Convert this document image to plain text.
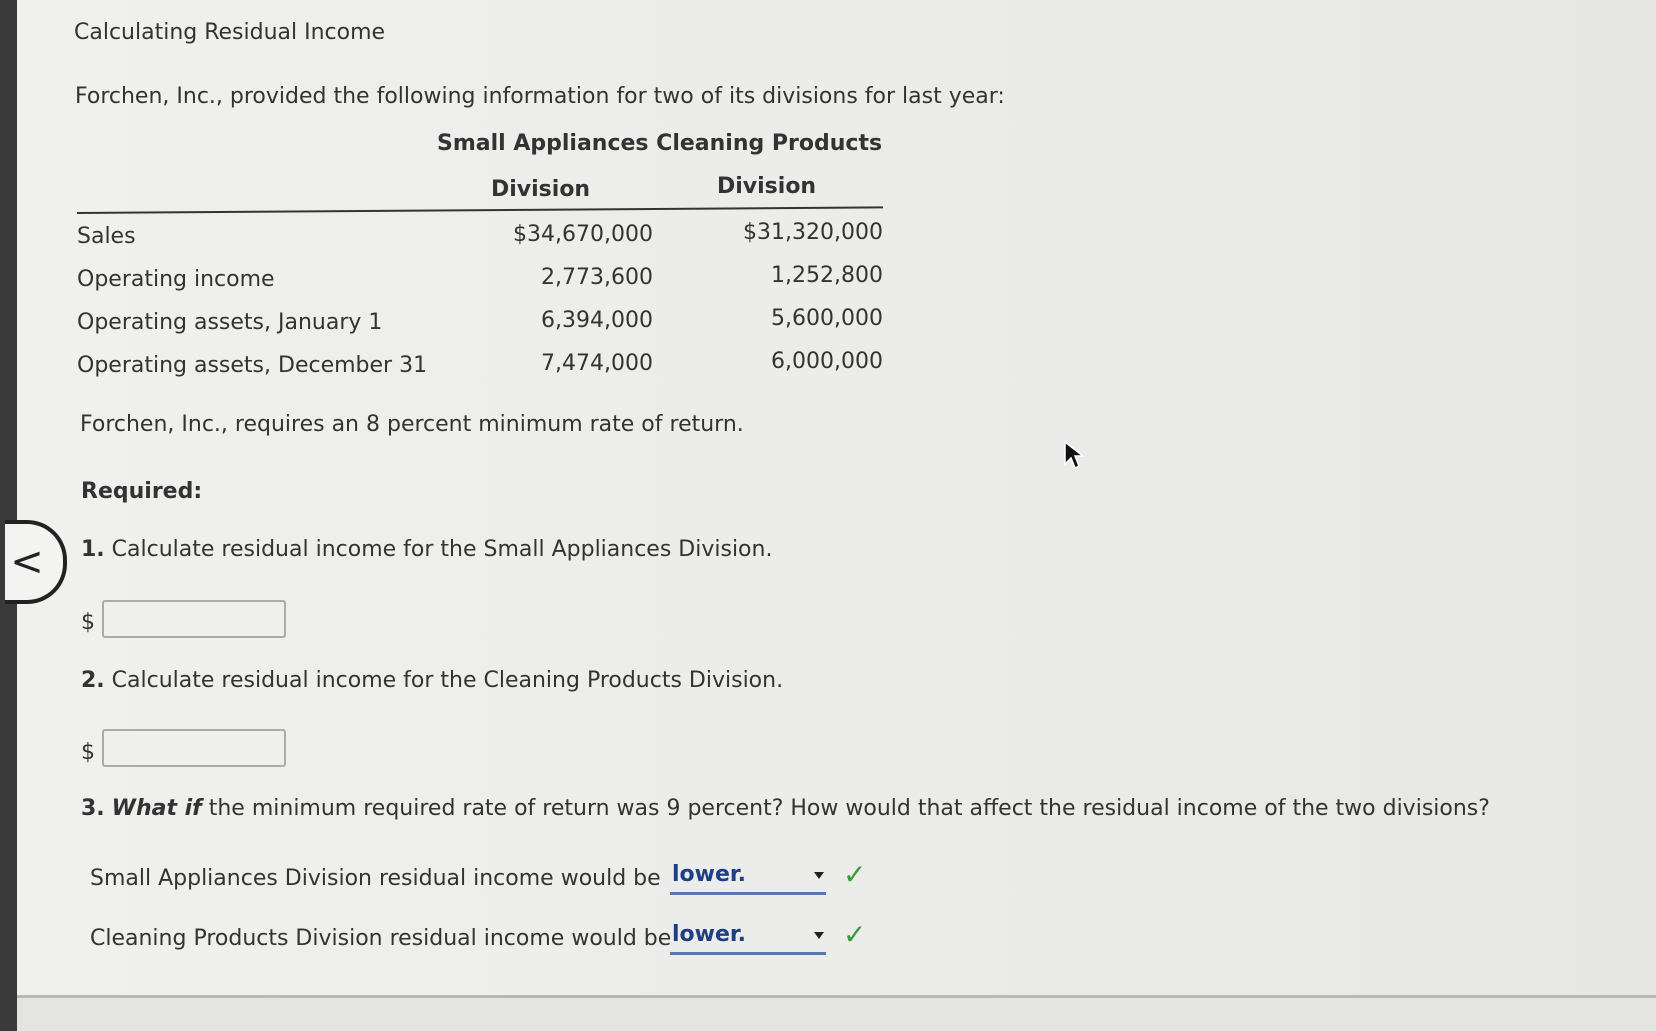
<
Calculating Residual Income
Forchen, Inc., provided the following information for two of its divisions for last year:
Small Appliances Cleaning Products
Division	Division
Sales	$34,670,000	$31,320,000
Operating income	2,773,600	1,252,800
Operating assets, January 1	6,394,000	5,600,000
Operating assets, December 31	7,474,000	6,000,000
Forchen, Inc., requires an 8 percent minimum rate of return.
Required:
1. Calculate residual income for the Small Appliances Division.
$
2. Calculate residual income for the Cleaning Products Division.
$
3. What if the minimum required rate of return was 9 percent? How would that affect the residual income of the two divisions?
Small Appliances Division residual income would be lower.	✓
Cleaning Products Division residual income would be lower.	✓
